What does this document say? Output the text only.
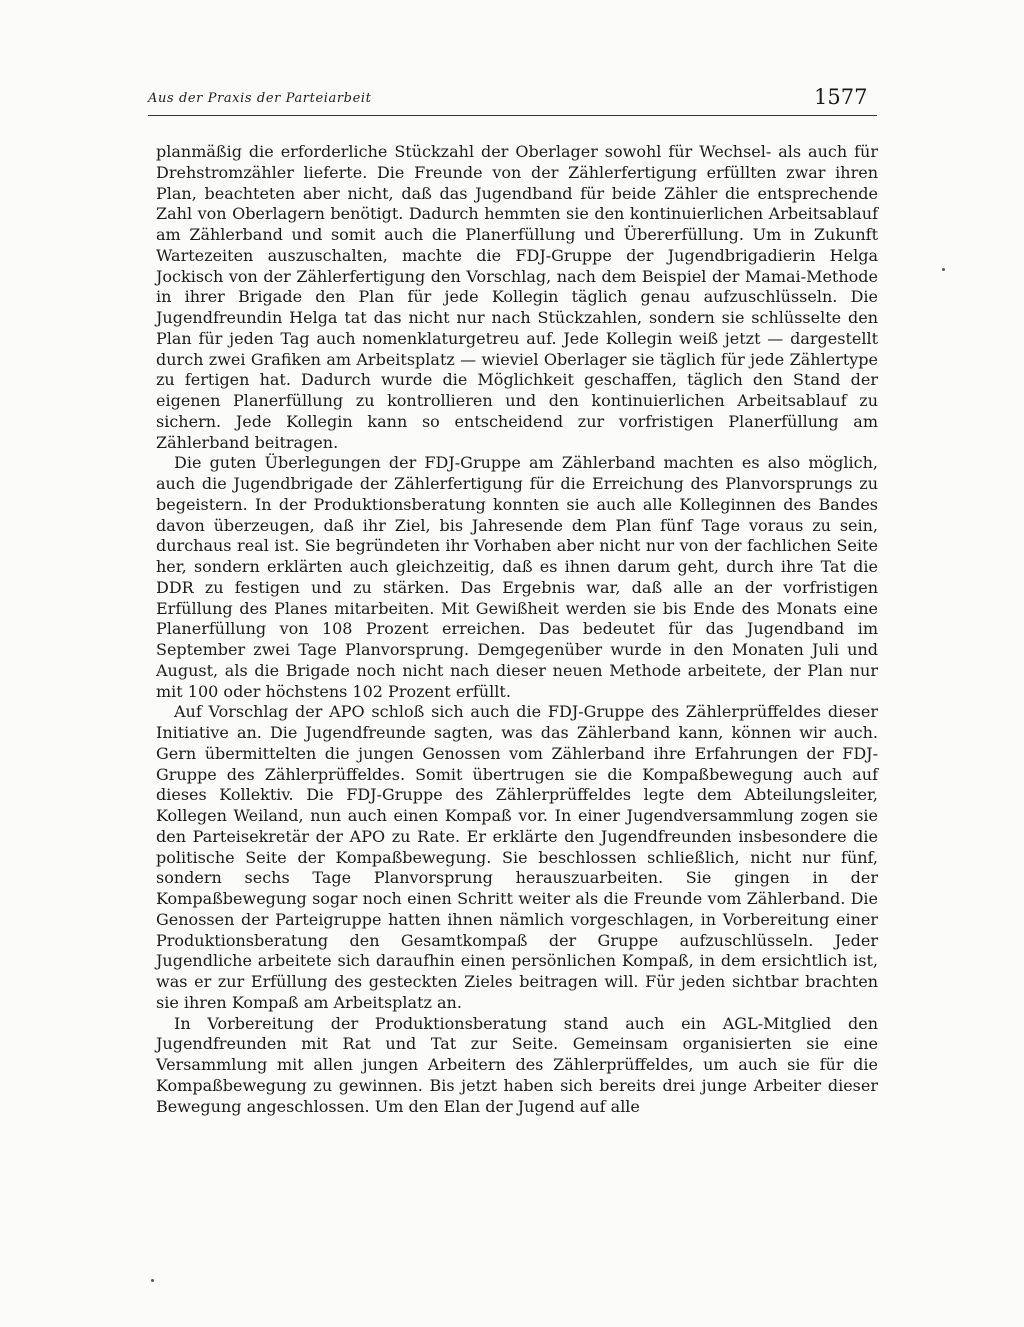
Aus der Praxis der Parteiarbeit	1577

planmäßig die erforderliche Stückzahl der Oberlager sowohl für Wechsel- als auch für Drehstromzähler lieferte. Die Freunde von der Zählerfertigung erfüllten zwar ihren Plan, beachteten aber nicht, daß das Jugendband für beide Zähler die entsprechende Zahl von Oberlagern benötigt. Dadurch hemmten sie den kontinuierlichen Arbeitsablauf am Zählerband und somit auch die Planerfüllung und Übererfüllung. Um in Zukunft Wartezeiten auszuschalten, machte die FDJ-Gruppe der Jugendbrigadierin Helga Jockisch von der Zählerfertigung den Vorschlag, nach dem Beispiel der Mamai-Methode in ihrer Brigade den Plan für jede Kollegin täglich genau aufzuschlüsseln. Die Jugendfreundin Helga tat das nicht nur nach Stückzahlen, sondern sie schlüsselte den Plan für jeden Tag auch nomenklaturgetreu auf. Jede Kollegin weiß jetzt — dargestellt durch zwei Grafiken am Arbeitsplatz — wieviel Oberlager sie täglich für jede Zählertype zu fertigen hat. Dadurch wurde die Möglichkeit geschaffen, täglich den Stand der eigenen Planerfüllung zu kontrollieren und den kontinuierlichen Arbeitsablauf zu sichern. Jede Kollegin kann so entscheidend zur vorfristigen Planerfüllung am Zählerband beitragen.

Die guten Überlegungen der FDJ-Gruppe am Zählerband machten es also möglich, auch die Jugendbrigade der Zählerfertigung für die Erreichung des Planvorsprungs zu begeistern. In der Produktionsberatung konnten sie auch alle Kolleginnen des Bandes davon überzeugen, daß ihr Ziel, bis Jahresende dem Plan fünf Tage voraus zu sein, durchaus real ist. Sie begründeten ihr Vorhaben aber nicht nur von der fachlichen Seite her, sondern erklärten auch gleichzeitig, daß es ihnen darum geht, durch ihre Tat die DDR zu festigen und zu stärken. Das Ergebnis war, daß alle an der vorfristigen Erfüllung des Planes mitarbeiten. Mit Gewißheit werden sie bis Ende des Monats eine Planerfüllung von 108 Prozent erreichen. Das bedeutet für das Jugendband im September zwei Tage Planvorsprung. Demgegenüber wurde in den Monaten Juli und August, als die Brigade noch nicht nach dieser neuen Methode arbeitete, der Plan nur mit 100 oder höchstens 102 Prozent erfüllt.

Auf Vorschlag der APO schloß sich auch die FDJ-Gruppe des Zählerprüffeldes dieser Initiative an. Die Jugendfreunde sagten, was das Zählerband kann, können wir auch. Gern übermittelten die jungen Genossen vom Zählerband ihre Erfahrungen der FDJ-Gruppe des Zählerprüffeldes. Somit übertrugen sie die Kompaßbewegung auch auf dieses Kollektiv. Die FDJ-Gruppe des Zählerprüffeldes legte dem Abteilungsleiter, Kollegen Weiland, nun auch einen Kompaß vor. In einer Jugendversammlung zogen sie den Parteisekretär der APO zu Rate. Er erklärte den Jugendfreunden insbesondere die politische Seite der Kompaßbewegung. Sie beschlossen schließlich, nicht nur fünf, sondern sechs Tage Planvorsprung herauszuarbeiten. Sie gingen in der Kompaßbewegung sogar noch einen Schritt weiter als die Freunde vom Zählerband. Die Genossen der Parteigruppe hatten ihnen nämlich vorgeschlagen, in Vorbereitung einer Produktionsberatung den Gesamtkompaß der Gruppe aufzuschlüsseln. Jeder Jugendliche arbeitete sich daraufhin einen persönlichen Kompaß, in dem ersichtlich ist, was er zur Erfüllung des gesteckten Zieles beitragen will. Für jeden sichtbar brachten sie ihren Kompaß am Arbeitsplatz an.

In Vorbereitung der Produktionsberatung stand auch ein AGL-Mitglied den Jugendfreunden mit Rat und Tat zur Seite. Gemeinsam organisierten sie eine Versammlung mit allen jungen Arbeitern des Zählerprüffeldes, um auch sie für die Kompaßbewegung zu gewinnen. Bis jetzt haben sich bereits drei junge Arbeiter dieser Bewegung angeschlossen. Um den Elan der Jugend auf alle
